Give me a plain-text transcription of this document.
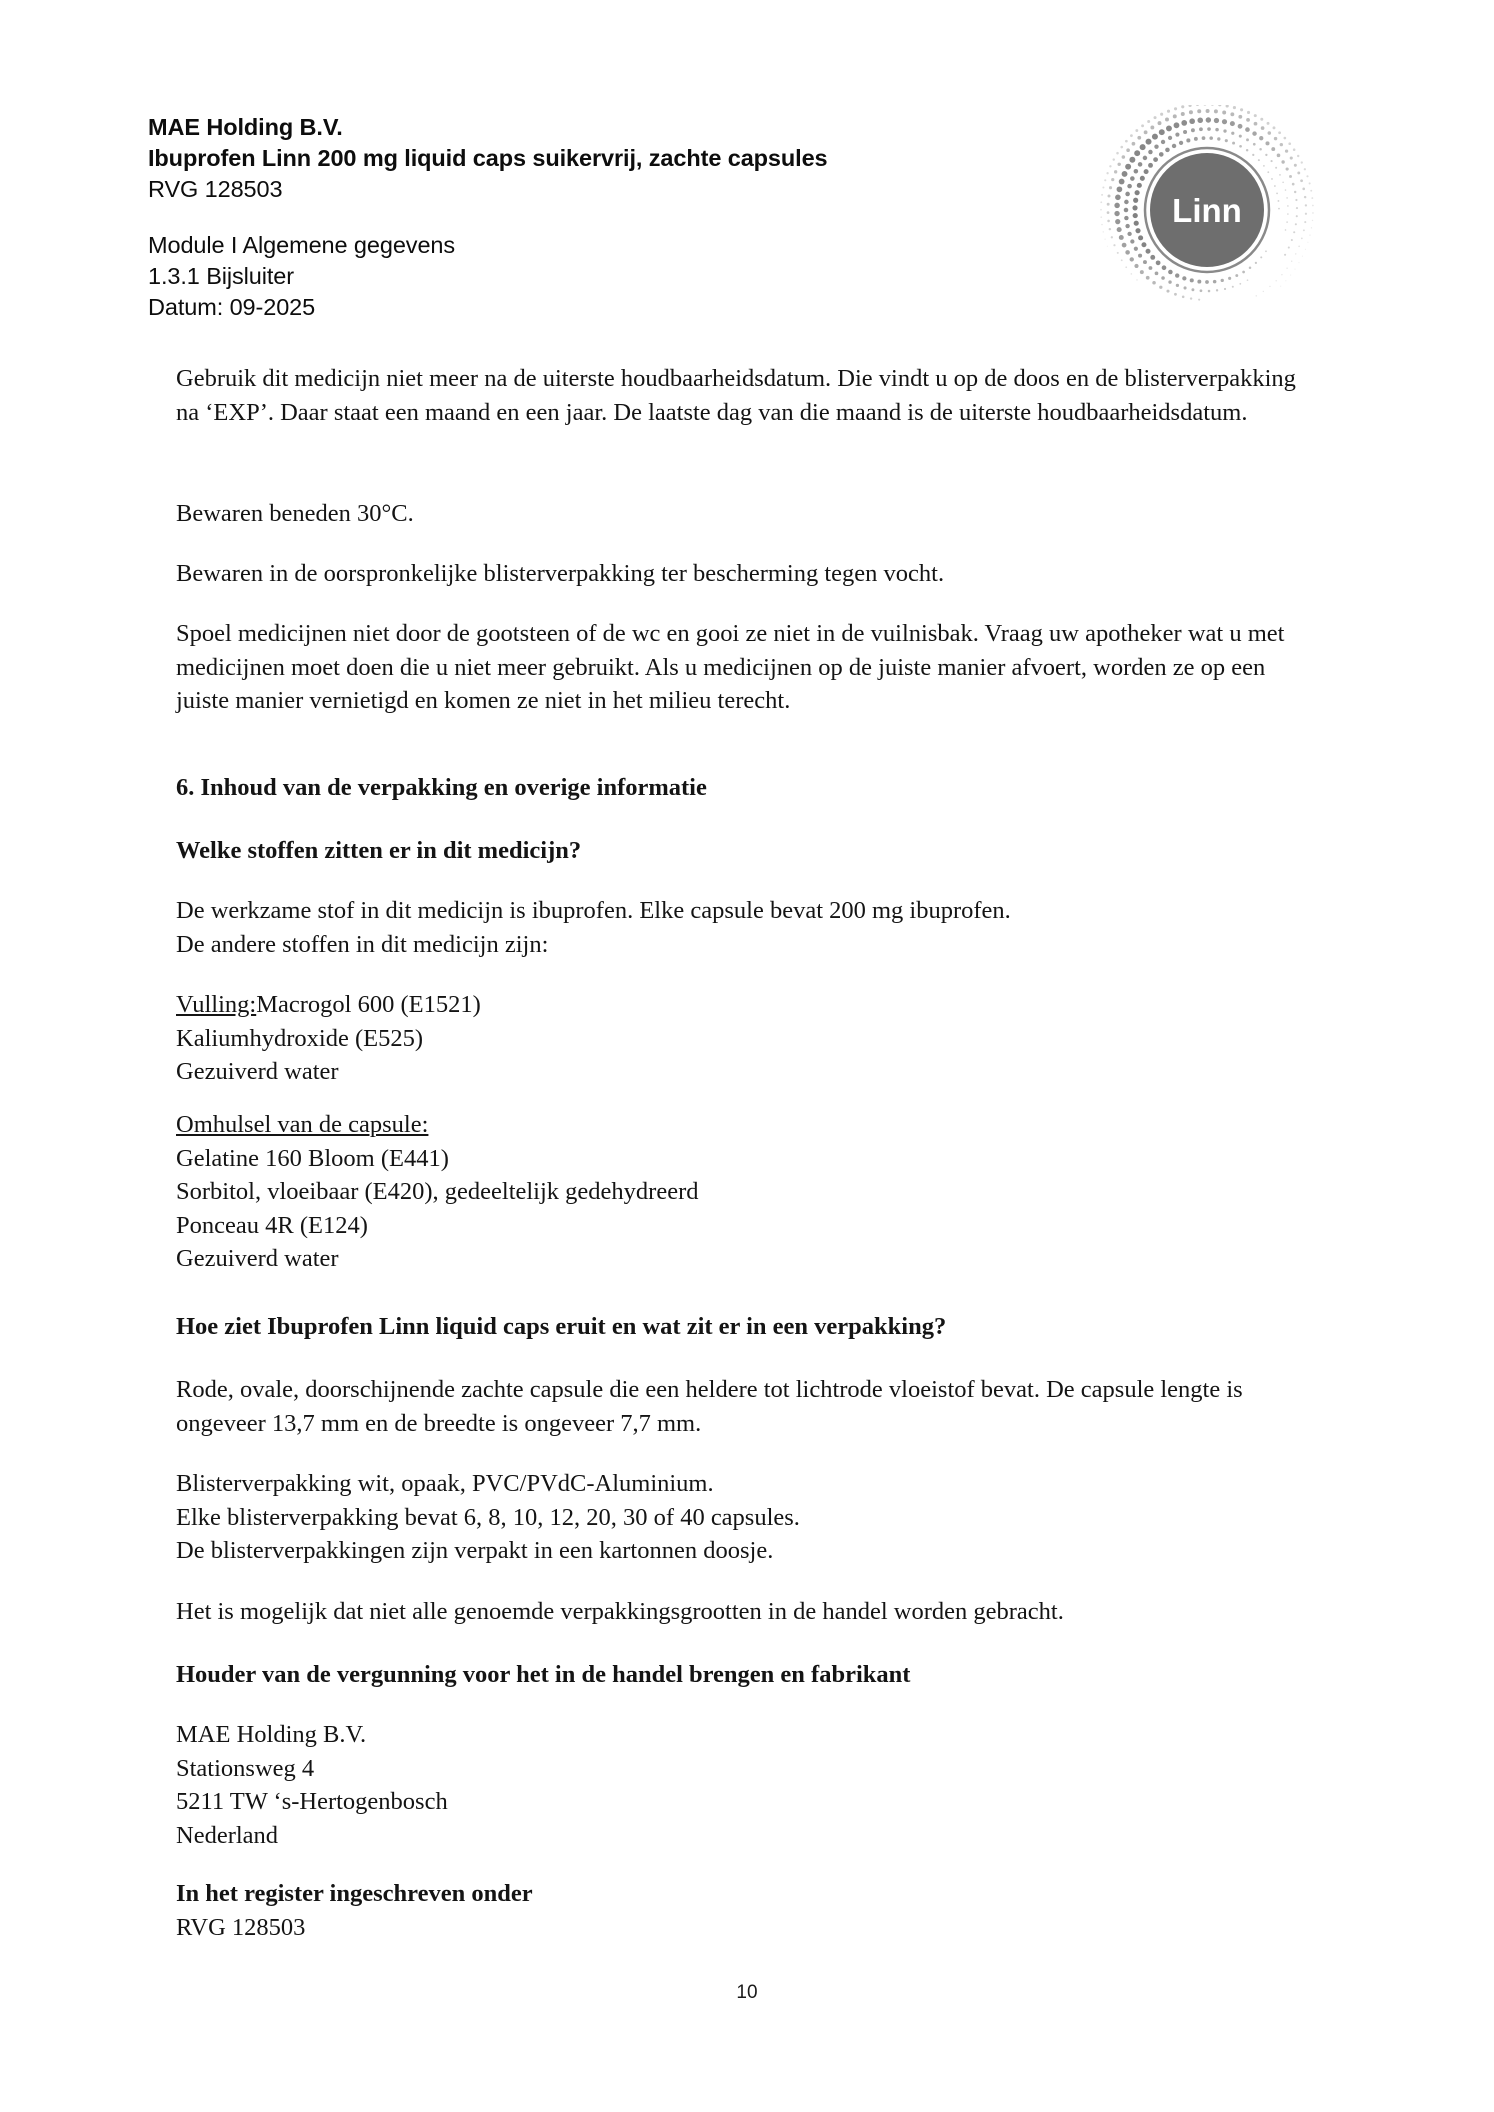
MAE Holding B.V.
Ibuprofen Linn 200 mg liquid caps suikervrij, zachte capsules
RVG 128503
Module I Algemene gegevens
1.3.1 Bijsluiter
Datum: 09-2025
Linn

Gebruik dit medicijn niet meer na de uiterste houdbaarheidsdatum. Die vindt u op de doos en de blisterverpakking na ‘EXP’. Daar staat een maand en een jaar. De laatste dag van die maand is de uiterste houdbaarheidsdatum.

Bewaren beneden 30°C.

Bewaren in de oorspronkelijke blisterverpakking ter bescherming tegen vocht.

Spoel medicijnen niet door de gootsteen of de wc en gooi ze niet in de vuilnisbak. Vraag uw apotheker wat u met medicijnen moet doen die u niet meer gebruikt. Als u medicijnen op de juiste manier afvoert, worden ze op een juiste manier vernietigd en komen ze niet in het milieu terecht.

6. Inhoud van de verpakking en overige informatie

Welke stoffen zitten er in dit medicijn?

De werkzame stof in dit medicijn is ibuprofen. Elke capsule bevat 200 mg ibuprofen.
De andere stoffen in dit medicijn zijn:

Vulling:Macrogol 600 (E1521)
Kaliumhydroxide (E525)
Gezuiverd water

Omhulsel van de capsule:
Gelatine 160 Bloom (E441)
Sorbitol, vloeibaar (E420), gedeeltelijk gedehydreerd
Ponceau 4R (E124)
Gezuiverd water

Hoe ziet Ibuprofen Linn liquid caps eruit en wat zit er in een verpakking?

Rode, ovale, doorschijnende zachte capsule die een heldere tot lichtrode vloeistof bevat. De capsule lengte is ongeveer 13,7 mm en de breedte is ongeveer 7,7 mm.

Blisterverpakking wit, opaak, PVC/PVdC-Aluminium.
Elke blisterverpakking bevat 6, 8, 10, 12, 20, 30 of 40 capsules.
De blisterverpakkingen zijn verpakt in een kartonnen doosje.

Het is mogelijk dat niet alle genoemde verpakkingsgrootten in de handel worden gebracht.

Houder van de vergunning voor het in de handel brengen en fabrikant

MAE Holding B.V.
Stationsweg 4
5211 TW ‘s-Hertogenbosch
Nederland

In het register ingeschreven onder

RVG 128503

10
